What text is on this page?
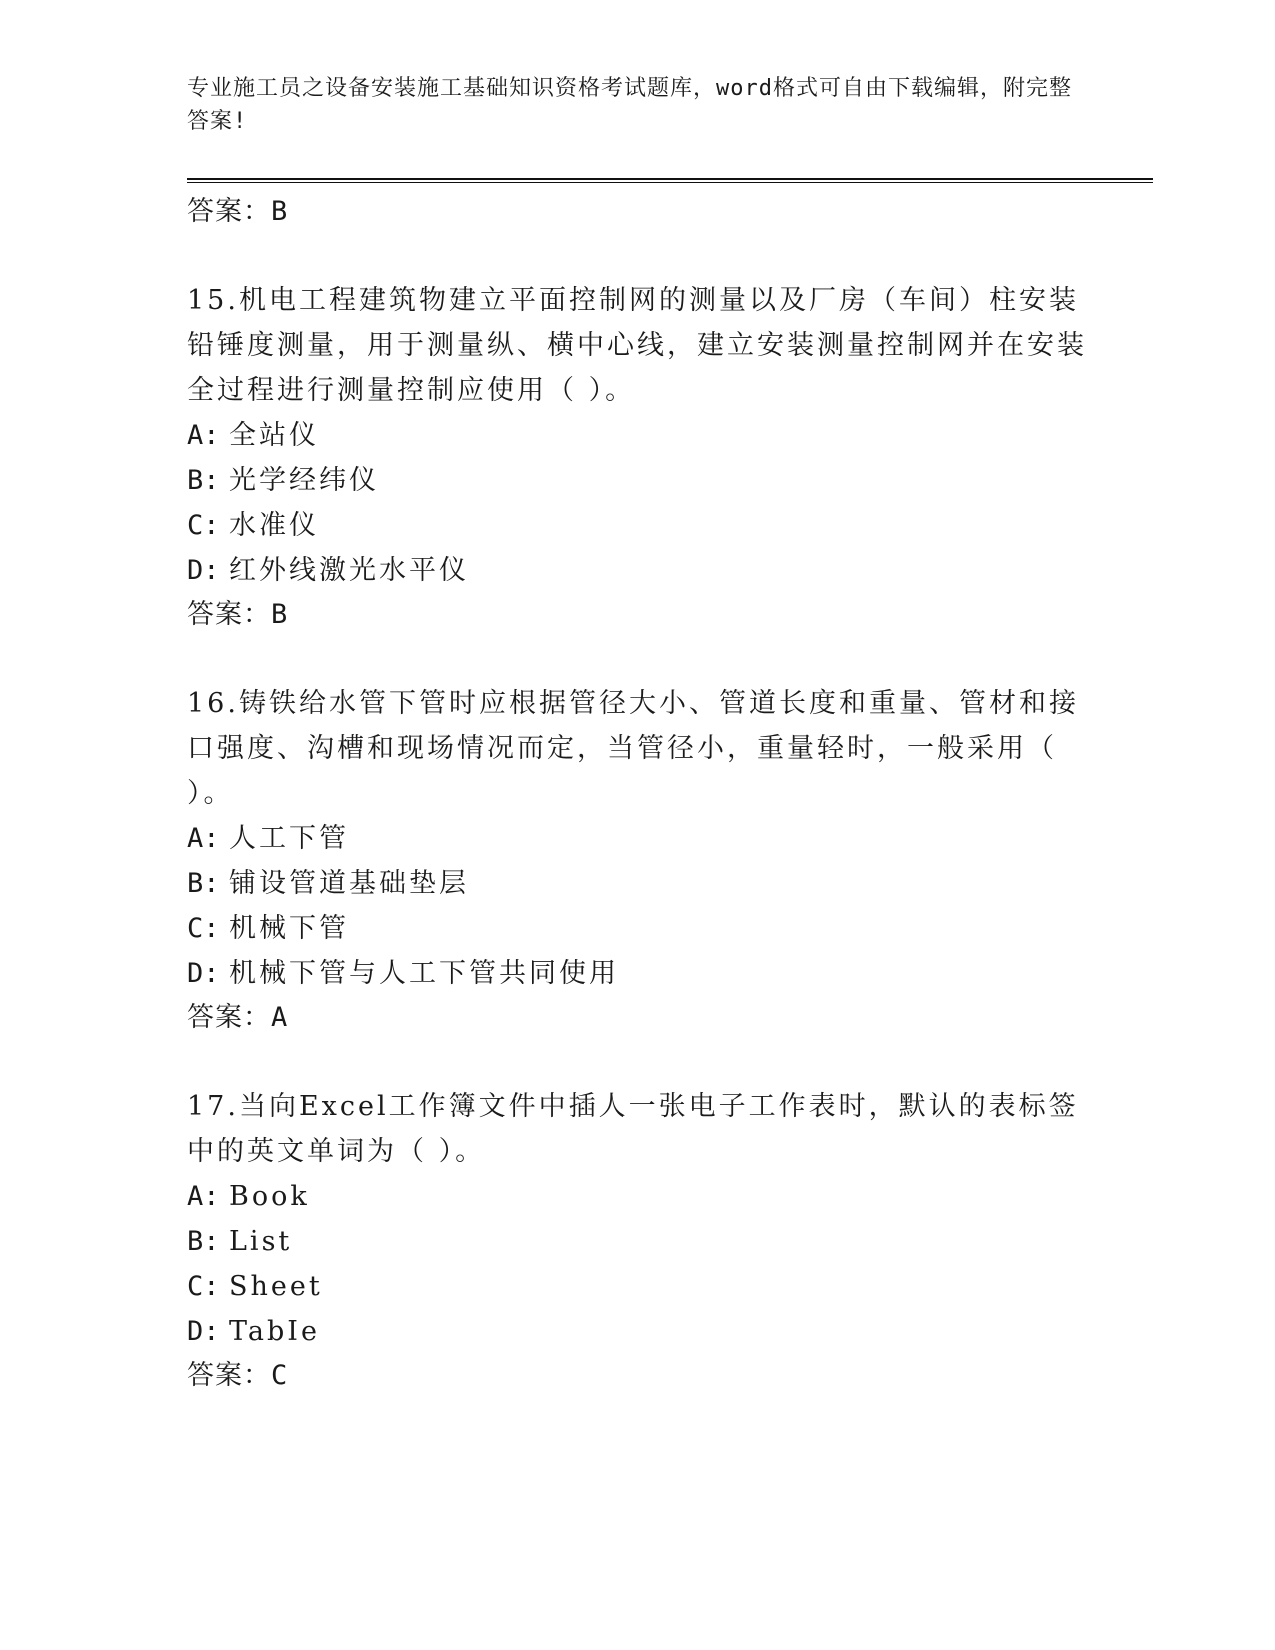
专业施工员之设备安装施工基础知识资格考试题库，word格式可自由下载编辑，附完整答案!
答案：B
15.机电工程建筑物建立平面控制网的测量以及厂房（车间）柱安装铅锤度测量，用于测量纵、横中心线，建立安装测量控制网并在安装全过程进行测量控制应使用（ ）。
A: 全站仪
B: 光学经纬仪
C: 水准仪
D: 红外线激光水平仪
答案：B
16.铸铁给水管下管时应根据管径大小、管道长度和重量、管材和接口强度、沟槽和现场情况而定，当管径小，重量轻时，一般采用（ ）。
A: 人工下管
B: 铺设管道基础垫层
C: 机械下管
D: 机械下管与人工下管共同使用
答案：A
17.当向Excel工作簿文件中插人一张电子工作表时，默认的表标签中的英文单词为（ ）。
A: Book
B: List
C: Sheet
D: TabIe
答案：C
